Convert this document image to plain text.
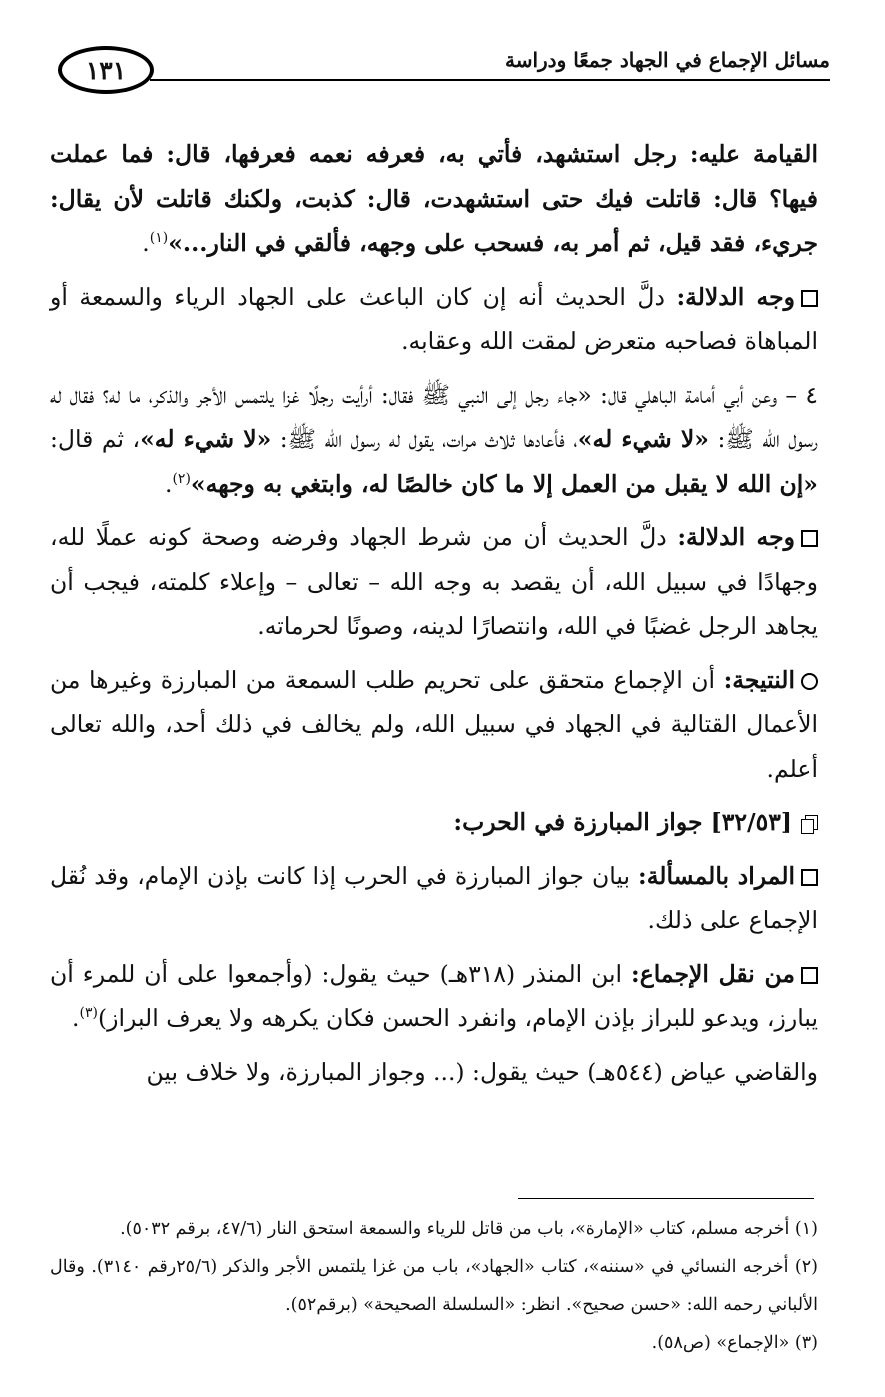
١٣١	مسائل الإجماع في الجهاد جمعًا ودراسة

القيامة عليه: رجل استشهد، فأتي به، فعرفه نعمه فعرفها، قال: فما عملت فيها؟ قال: قاتلت فيك حتى استشهدت، قال: كذبت، ولكنك قاتلت لأن يقال: جريء، فقد قيل، ثم أمر به، فسحب على وجهه، فألقي في النار...»$^{(١)}$.

وجه الدلالة: دلَّ الحديث أنه إن كان الباعث على الجهاد الرياء والسمعة أو المباهاة فصاحبه متعرض لمقت الله وعقابه.

٤ – وعن أبي أمامة الباهلي قال: «جاء رجل إلى النبي ﷺ فقال: أرأيت رجلًا غزا يلتمس الأجر والذكر، ما له؟ فقال له رسول الله ﷺ: «لا شيء له»، فأعادها ثلاث مرات، يقول له رسول الله ﷺ: «لا شيء له»، ثم قال: «إن الله لا يقبل من العمل إلا ما كان خالصًا له، وابتغي به وجهه»$^{(٢)}$.

وجه الدلالة: دلَّ الحديث أن من شرط الجهاد وفرضه وصحة كونه عملًا لله، وجهادًا في سبيل الله، أن يقصد به وجه الله – تعالى – وإعلاء كلمته، فيجب أن يجاهد الرجل غضبًا في الله، وانتصارًا لدينه، وصونًا لحرماته.

النتيجة: أن الإجماع متحقق على تحريم طلب السمعة من المبارزة وغيرها من الأعمال القتالية في الجهاد في سبيل الله، ولم يخالف في ذلك أحد، والله تعالى أعلم.

[٣٢/٥٣] جواز المبارزة في الحرب:

المراد بالمسألة: بيان جواز المبارزة في الحرب إذا كانت بإذن الإمام، وقد نُقل الإجماع على ذلك.

من نقل الإجماع: ابن المنذر (٣١٨هـ) حيث يقول: (وأجمعوا على أن للمرء أن يبارز، ويدعو للبراز بإذن الإمام، وانفرد الحسن فكان يكرهه ولا يعرف البراز)$^{(٣)}$.

والقاضي عياض (٥٤٤هـ) حيث يقول: (... وجواز المبارزة، ولا خلاف بين

(١) أخرجه مسلم، كتاب «الإمارة»، باب من قاتل للرياء والسمعة استحق النار (٤٧/٦، برقم ٥٠٣٢).

(٢) أخرجه النسائي في «سننه»، كتاب «الجهاد»، باب من غزا يلتمس الأجر والذكر (٢٥/٦رقم ٣١٤٠). وقال الألباني رحمه الله: «حسن صحيح». انظر: «السلسلة الصحيحة» (برقم٥٢).

(٣) «الإجماع» (ص٥٨).
